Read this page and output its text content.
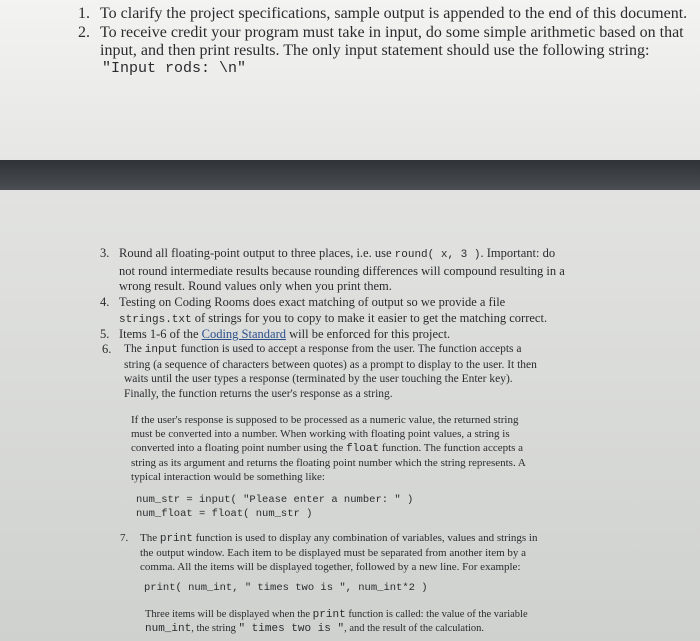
1. To clarify the project specifications, sample output is appended to the end of this document.
2. To receive credit your program must take in input, do some simple arithmetic based on that
input, and then print results. The only input statement should use the following string:
"Input rods: \n"
3. Round all floating-point output to three places, i.e. use round( x, 3 ). Important: do
not round intermediate results because rounding differences will compound resulting in a
wrong result. Round values only when you print them.
4. Testing on Coding Rooms does exact matching of output so we provide a file
strings.txt of strings for you to copy to make it easier to get the matching correct.
5. Items 1-6 of the Coding Standard will be enforced for this project.
6. The input function is used to accept a response from the user. The function accepts a
string (a sequence of characters between quotes) as a prompt to display to the user. It then
waits until the user types a response (terminated by the user touching the Enter key).
Finally, the function returns the user's response as a string.
If the user's response is supposed to be processed as a numeric value, the returned string
must be converted into a number. When working with floating point values, a string is
converted into a floating point number using the float function. The function accepts a
string as its argument and returns the floating point number which the string represents. A
typical interaction would be something like:
num_str = input( "Please enter a number: " )
num_float = float( num_str )
7. The print function is used to display any combination of variables, values and strings in
the output window. Each item to be displayed must be separated from another item by a
comma. All the items will be displayed together, followed by a new line. For example:
print( num_int, " times two is ", num_int*2 )
Three items will be displayed when the print function is called: the value of the variable
num_int, the string " times two is ", and the result of the calculation.
